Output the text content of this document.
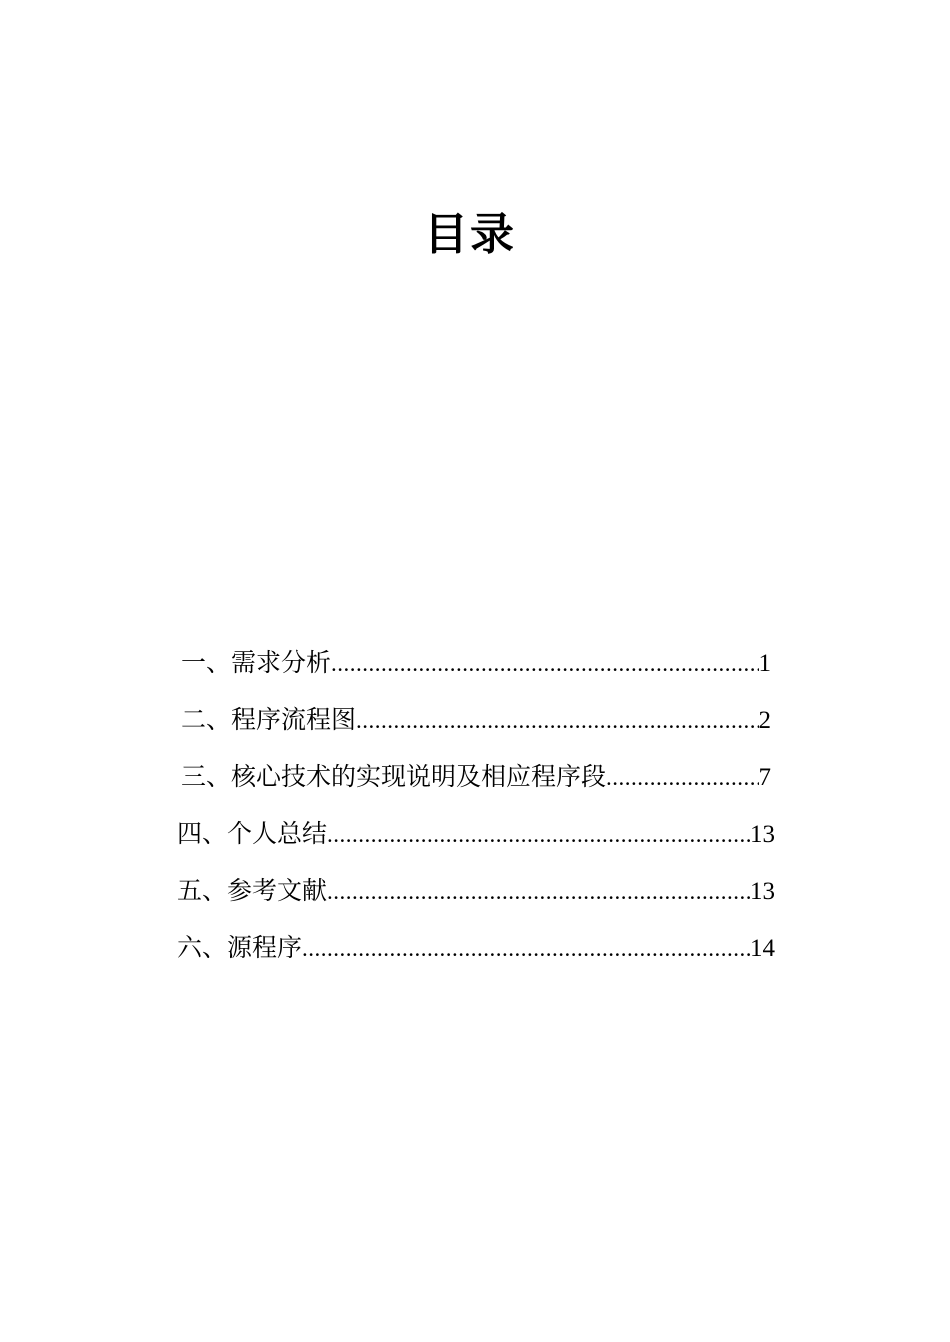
目录
一、需求分析 .....	1
二、程序流程图 .....	2
三、核心技术的实现说明及相应程序段 .....	7
四、个人总结 .....	13
五、参考文献 .....	13
六、源程序 .....	14
